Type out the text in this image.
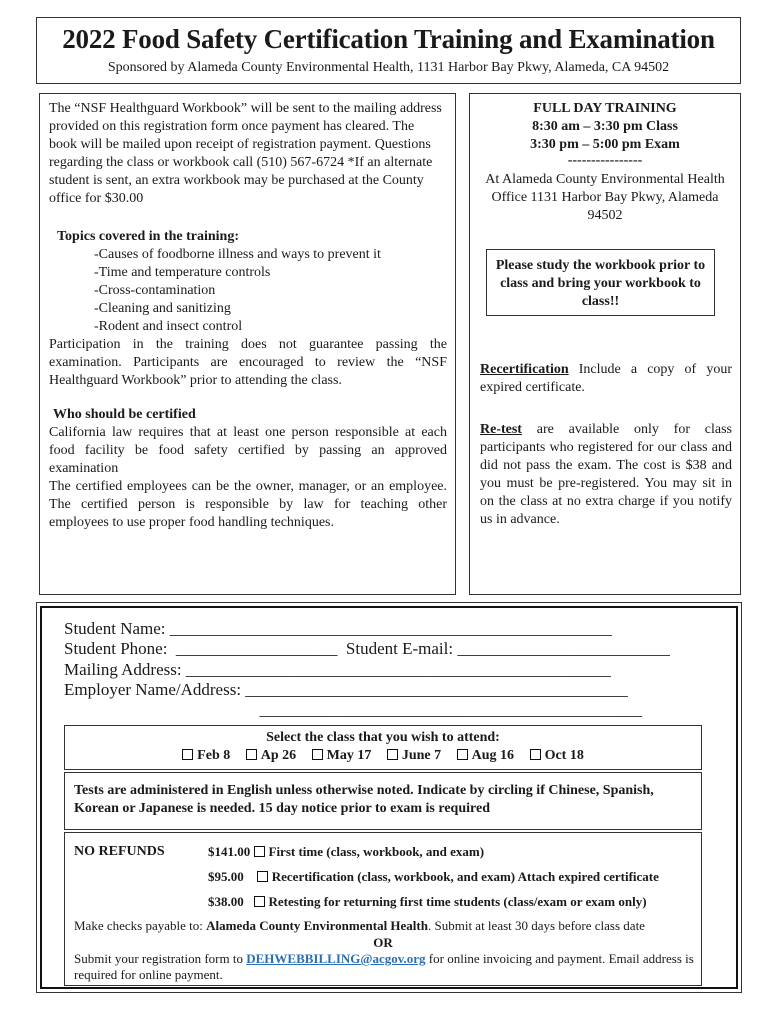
2022 Food Safety Certification Training and Examination
Sponsored by Alameda County Environmental Health, 1131 Harbor Bay Pkwy, Alameda, CA 94502
The “NSF Healthguard Workbook” will be sent to the mailing address provided on this registration form once payment has cleared. The book will be mailed upon receipt of registration payment. Questions regarding the class or workbook call (510) 567-6724 *If an alternate student is sent, an extra workbook may be purchased at the County office for $30.00
Topics covered in the training:
-Causes of foodborne illness and ways to prevent it
-Time and temperature controls
-Cross-contamination
-Cleaning and sanitizing
-Rodent and insect control
Participation in the training does not guarantee passing the examination. Participants are encouraged to review the “NSF Healthguard Workbook” prior to attending the class.
Who should be certified
California law requires that at least one person responsible at each food facility be food safety certified by passing an approved examination
The certified employees can be the owner, manager, or an employee. The certified person is responsible by law for teaching other employees to use proper food handling techniques.
FULL DAY TRAINING
8:30 am – 3:30 pm Class
3:30 pm – 5:00 pm Exam
----------------
At Alameda County Environmental Health Office 1131 Harbor Bay Pkwy, Alameda 94502
Please study the workbook prior to class and bring your workbook to class!!
Recertification Include a copy of your expired certificate.
Re-test are available only for class participants who registered for our class and did not pass the exam. The cost is $38 and you must be pre-registered. You may sit in on the class at no extra charge if you notify us in advance.
Student Name: ____________________________________________________
Student Phone:  ___________________  Student E-mail: _________________________
Mailing Address: __________________________________________________
Employer Name/Address: _____________________________________________
_____________________________________________
Select the class that you wish to attend:
Feb 8 Ap 26 May 17 June 7 Aug 16 Oct 18
Tests are administered in English unless otherwise noted. Indicate by circling if Chinese, Spanish, Korean or Japanese is needed. 15 day notice prior to exam is required
NO REFUNDS	$141.00 First time (class, workbook, and exam)
$95.00 Recertification (class, workbook, and exam) Attach expired certificate
$38.00 Retesting for returning first time students (class/exam or exam only)
Make checks payable to: Alameda County Environmental Health. Submit at least 30 days before class date
OR
Submit your registration form to DEHWEBBILLING@acgov.org for online invoicing and payment. Email address is required for online payment.
